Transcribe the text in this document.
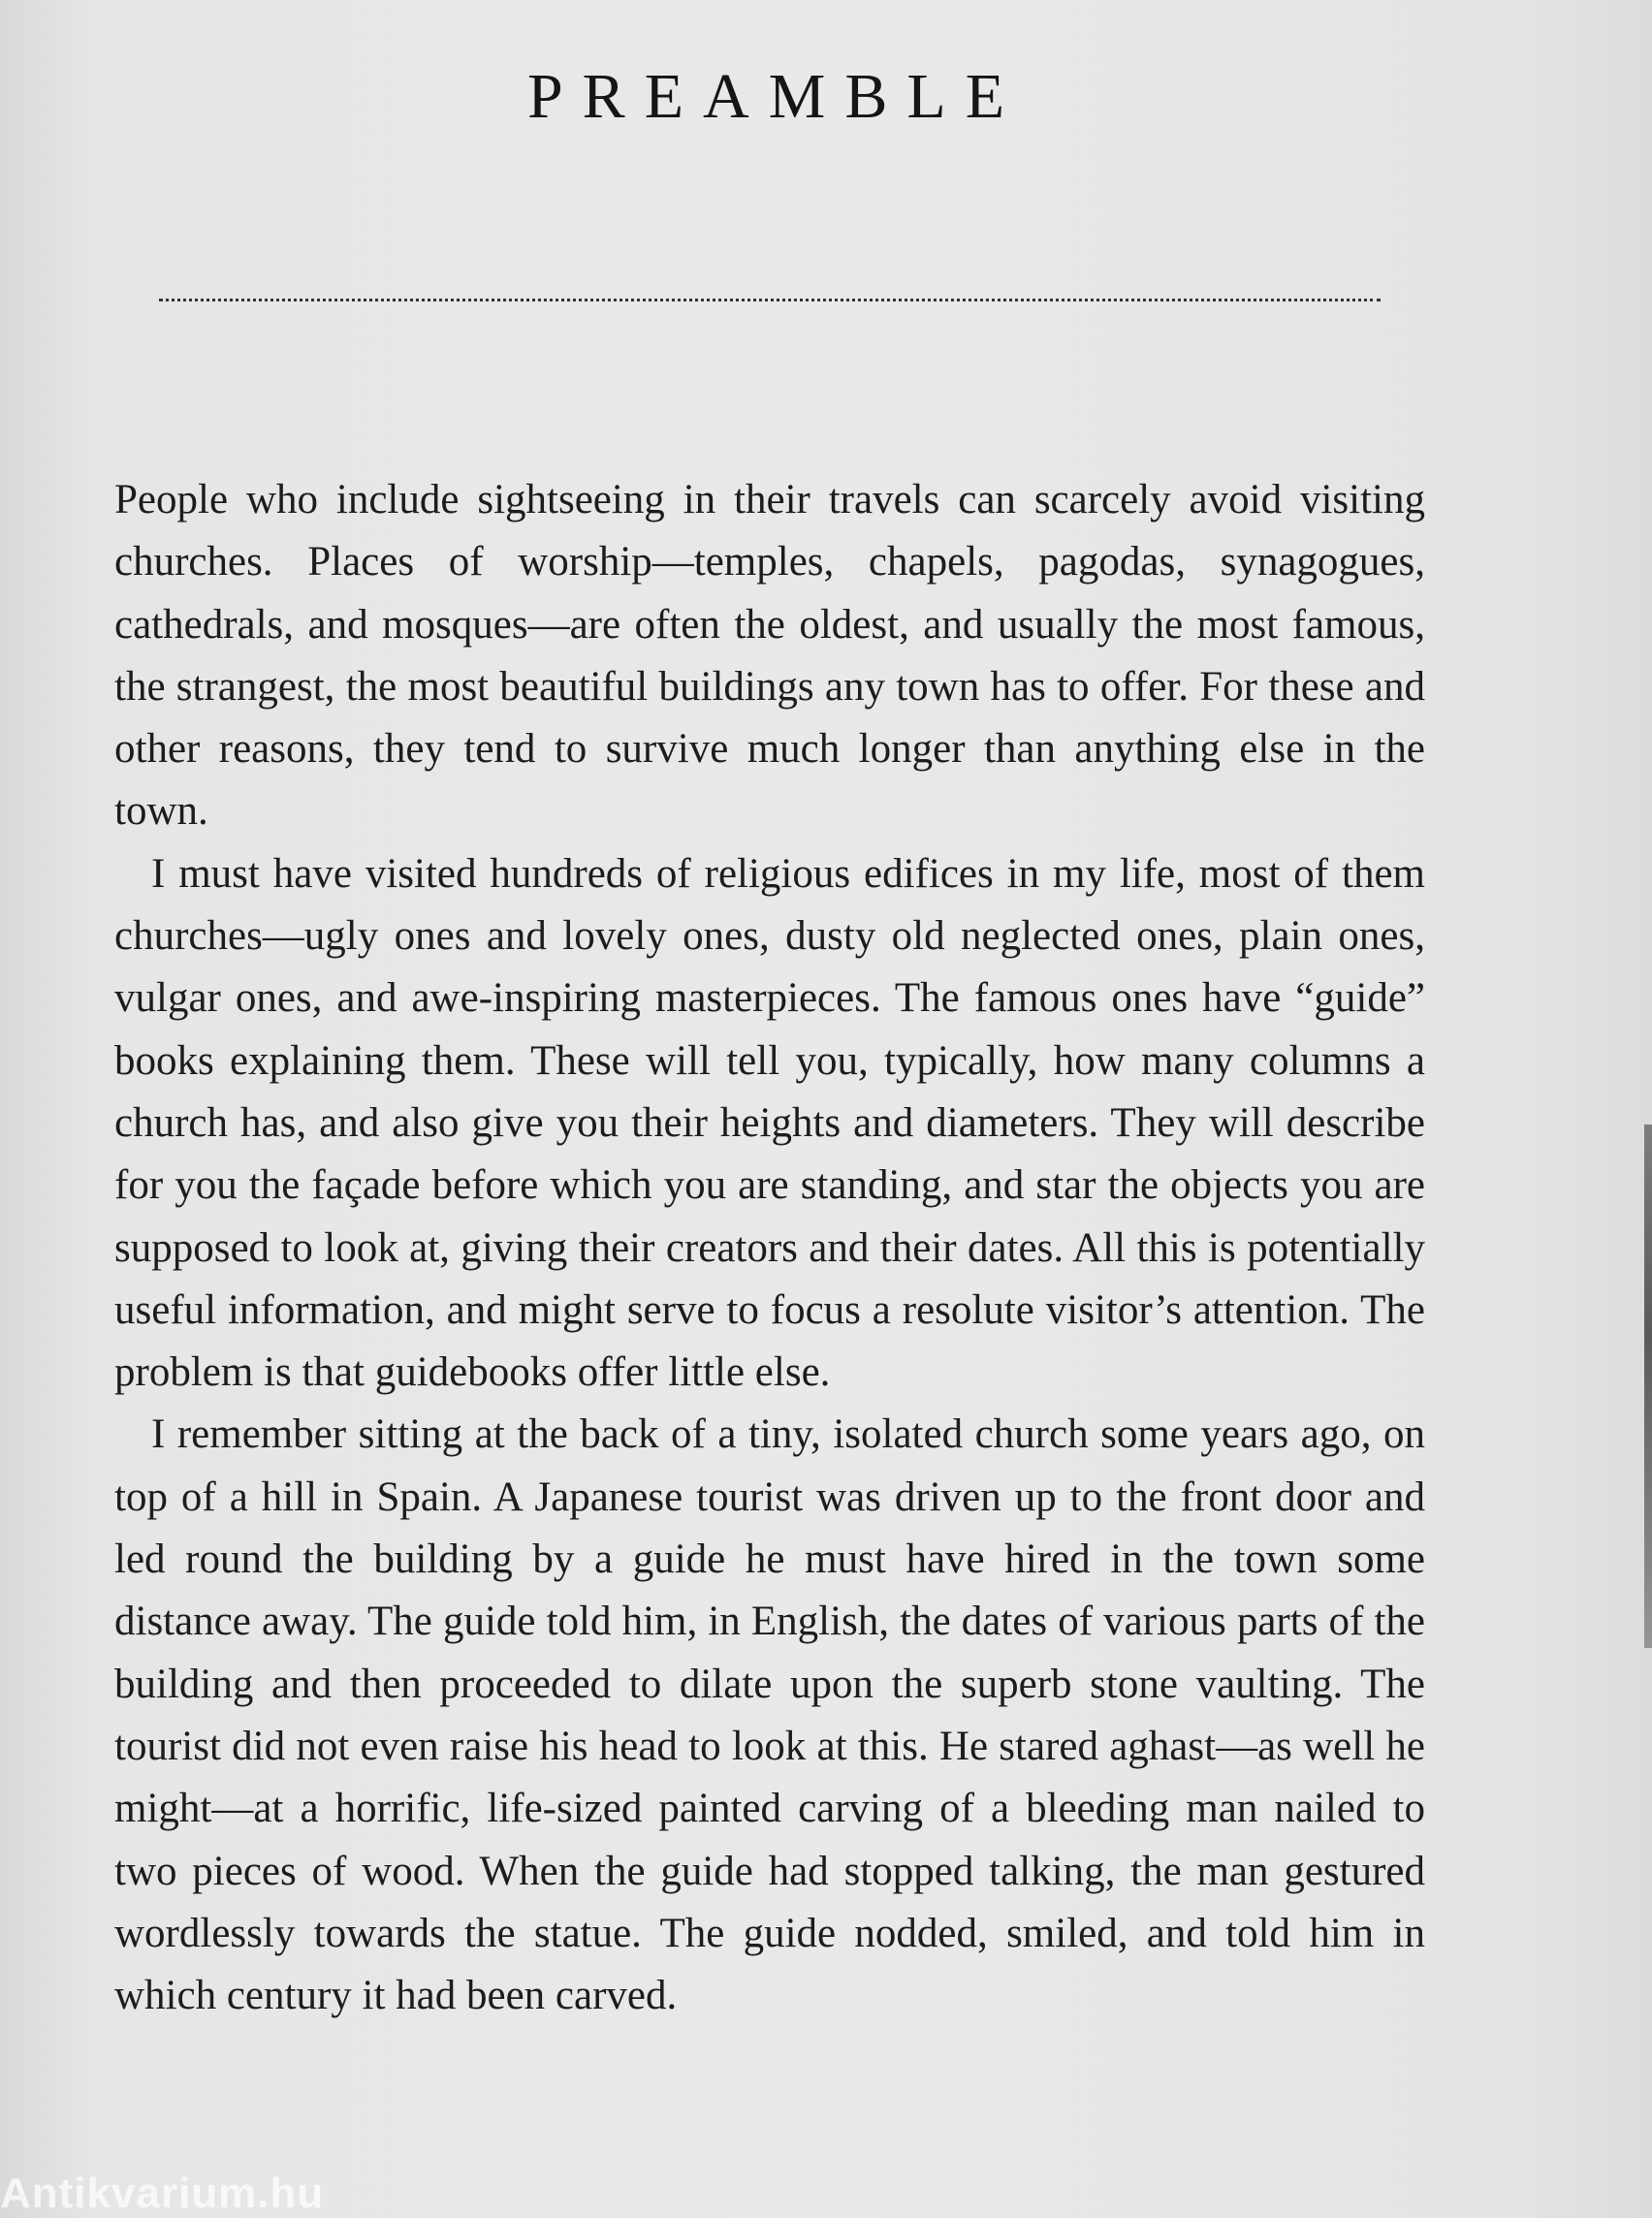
PREAMBLE

People who include sightseeing in their travels can scarcely avoid visiting churches. Places of worship—temples, chapels, pagodas, synagogues, cathedrals, and mosques—are often the oldest, and usually the most famous, the strangest, the most beautiful buildings any town has to offer. For these and other reasons, they tend to survive much longer than anything else in the town.

I must have visited hundreds of religious edifices in my life, most of them churches—ugly ones and lovely ones, dusty old neglected ones, plain ones, vulgar ones, and awe-inspiring masterpieces. The famous ones have “guide” books explaining them. These will tell you, typically, how many columns a church has, and also give you their heights and diameters. They will describe for you the façade before which you are standing, and star the objects you are supposed to look at, giving their creators and their dates. All this is potentially useful information, and might serve to focus a resolute visitor’s attention. The problem is that guidebooks offer little else.

I remember sitting at the back of a tiny, isolated church some years ago, on top of a hill in Spain. A Japanese tourist was driven up to the front door and led round the building by a guide he must have hired in the town some distance away. The guide told him, in English, the dates of various parts of the building and then proceeded to dilate upon the superb stone vaulting. The tourist did not even raise his head to look at this. He stared aghast—as well he might—at a horrific, life-sized painted carving of a bleeding man nailed to two pieces of wood. When the guide had stopped talking, the man gestured wordlessly towards the statue. The guide nodded, smiled, and told him in which century it had been carved.

Antikvarium.hu
